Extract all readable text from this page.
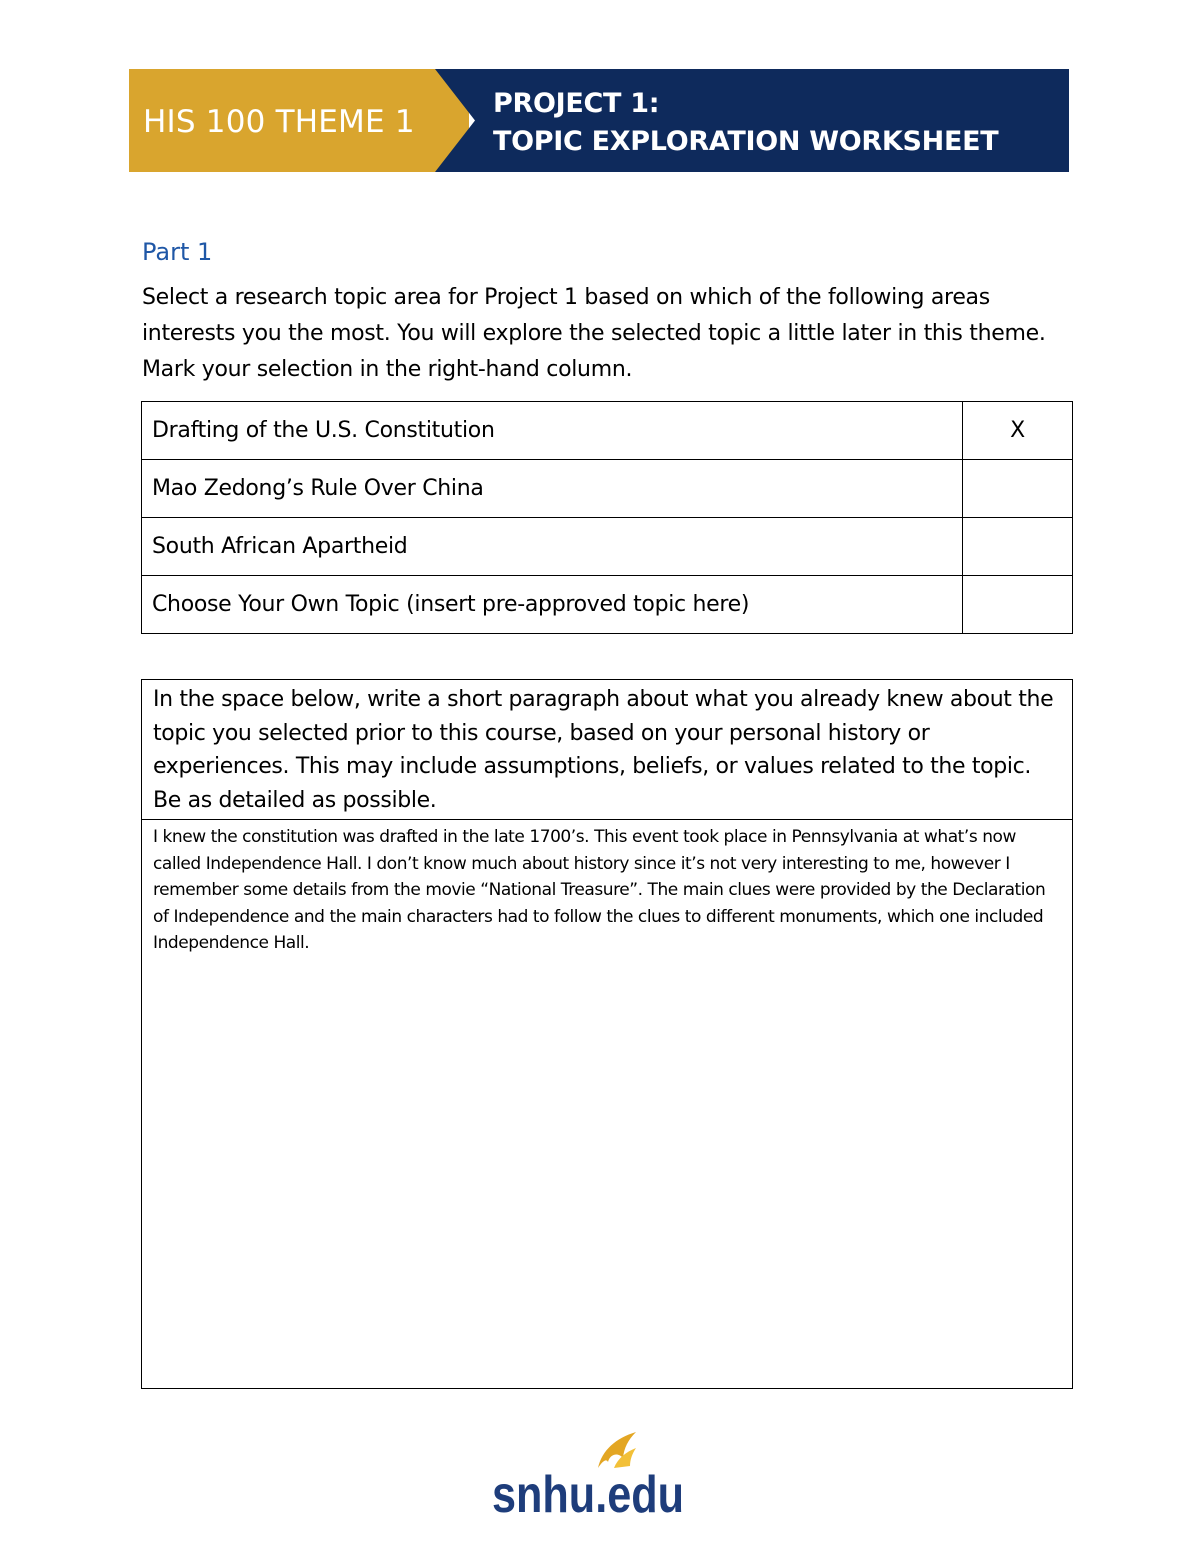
HIS 100 THEME 1
PROJECT 1:
TOPIC EXPLORATION WORKSHEET
Part 1
Select a research topic area for Project 1 based on which of the following areas interests you the most. You will explore the selected topic a little later in this theme. Mark your selection in the right-hand column.
Drafting of the U.S. Constitution	X
Mao Zedong’s Rule Over China	
South African Apartheid	
Choose Your Own Topic (insert pre-approved topic here)	
In the space below, write a short paragraph about what you already knew about the topic you selected prior to this course, based on your personal history or experiences. This may include assumptions, beliefs, or values related to the topic. Be as detailed as possible.
I knew the constitution was drafted in the late 1700’s. This event took place in Pennsylvania at what’s now called Independence Hall. I don’t know much about history since it’s not very interesting to me, however I remember some details from the movie “National Treasure”. The main clues were provided by the Declaration of Independence and the main characters had to follow the clues to different monuments, which one included Independence Hall.
snhu.edu
